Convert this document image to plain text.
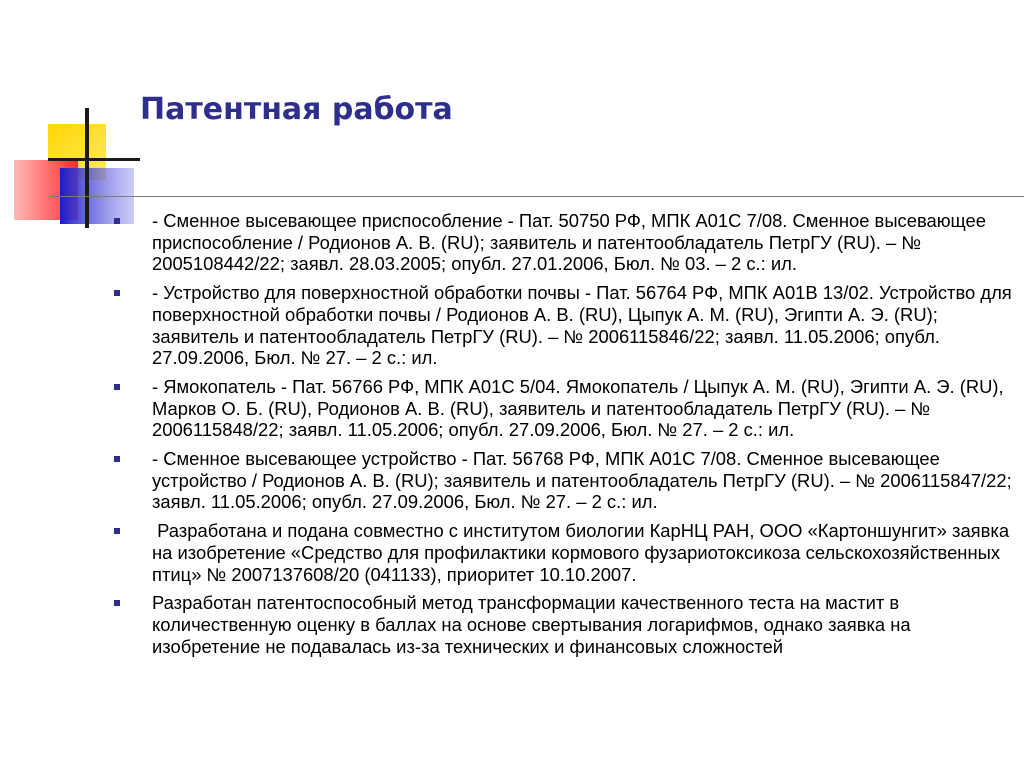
Патентная работа
- Сменное высевающее приспособление - Пат. 50750 РФ, МПК А01С 7/08. Сменное высевающее приспособление / Родионов А. В. (RU); заявитель и патентообладатель ПетрГУ (RU). – № 2005108442/22; заявл. 28.03.2005; опубл. 27.01.2006, Бюл. № 03. – 2 с.: ил.
- Устройство для поверхностной обработки почвы - Пат. 56764 РФ, МПК А01В 13/02. Устройство для поверхностной обработки почвы / Родионов А. В. (RU), Цыпук А. М. (RU), Эгипти А. Э. (RU); заявитель и патентообладатель ПетрГУ (RU). – № 2006115846/22; заявл. 11.05.2006; опубл. 27.09.2006, Бюл. № 27. – 2 с.: ил.
- Ямокопатель - Пат. 56766 РФ, МПК А01С 5/04. Ямокопатель / Цыпук А. М. (RU), Эгипти А. Э. (RU), Марков О. Б. (RU), Родионов А. В. (RU), заявитель и патентообладатель ПетрГУ (RU). – № 2006115848/22; заявл. 11.05.2006; опубл. 27.09.2006, Бюл. № 27. – 2 с.: ил.
- Сменное высевающее устройство - Пат. 56768 РФ, МПК А01С 7/08. Сменное высевающее устройство / Родионов А. В. (RU); заявитель и патентообладатель ПетрГУ (RU). – № 2006115847/22; заявл. 11.05.2006; опубл. 27.09.2006, Бюл. № 27. – 2 с.: ил.
Разработана и подана совместно с институтом биологии КарНЦ РАН, ООО «Картоншунгит» заявка на изобретение «Средство для профилактики кормового фузариотоксикоза сельскохозяйственных птиц» № 2007137608/20 (041133), приоритет 10.10.2007.
Разработан патентоспособный метод трансформации качественного теста на мастит в количественную оценку в баллах на основе свертывания логарифмов, однако заявка на изобретение не подавалась из-за технических и финансовых сложностей
